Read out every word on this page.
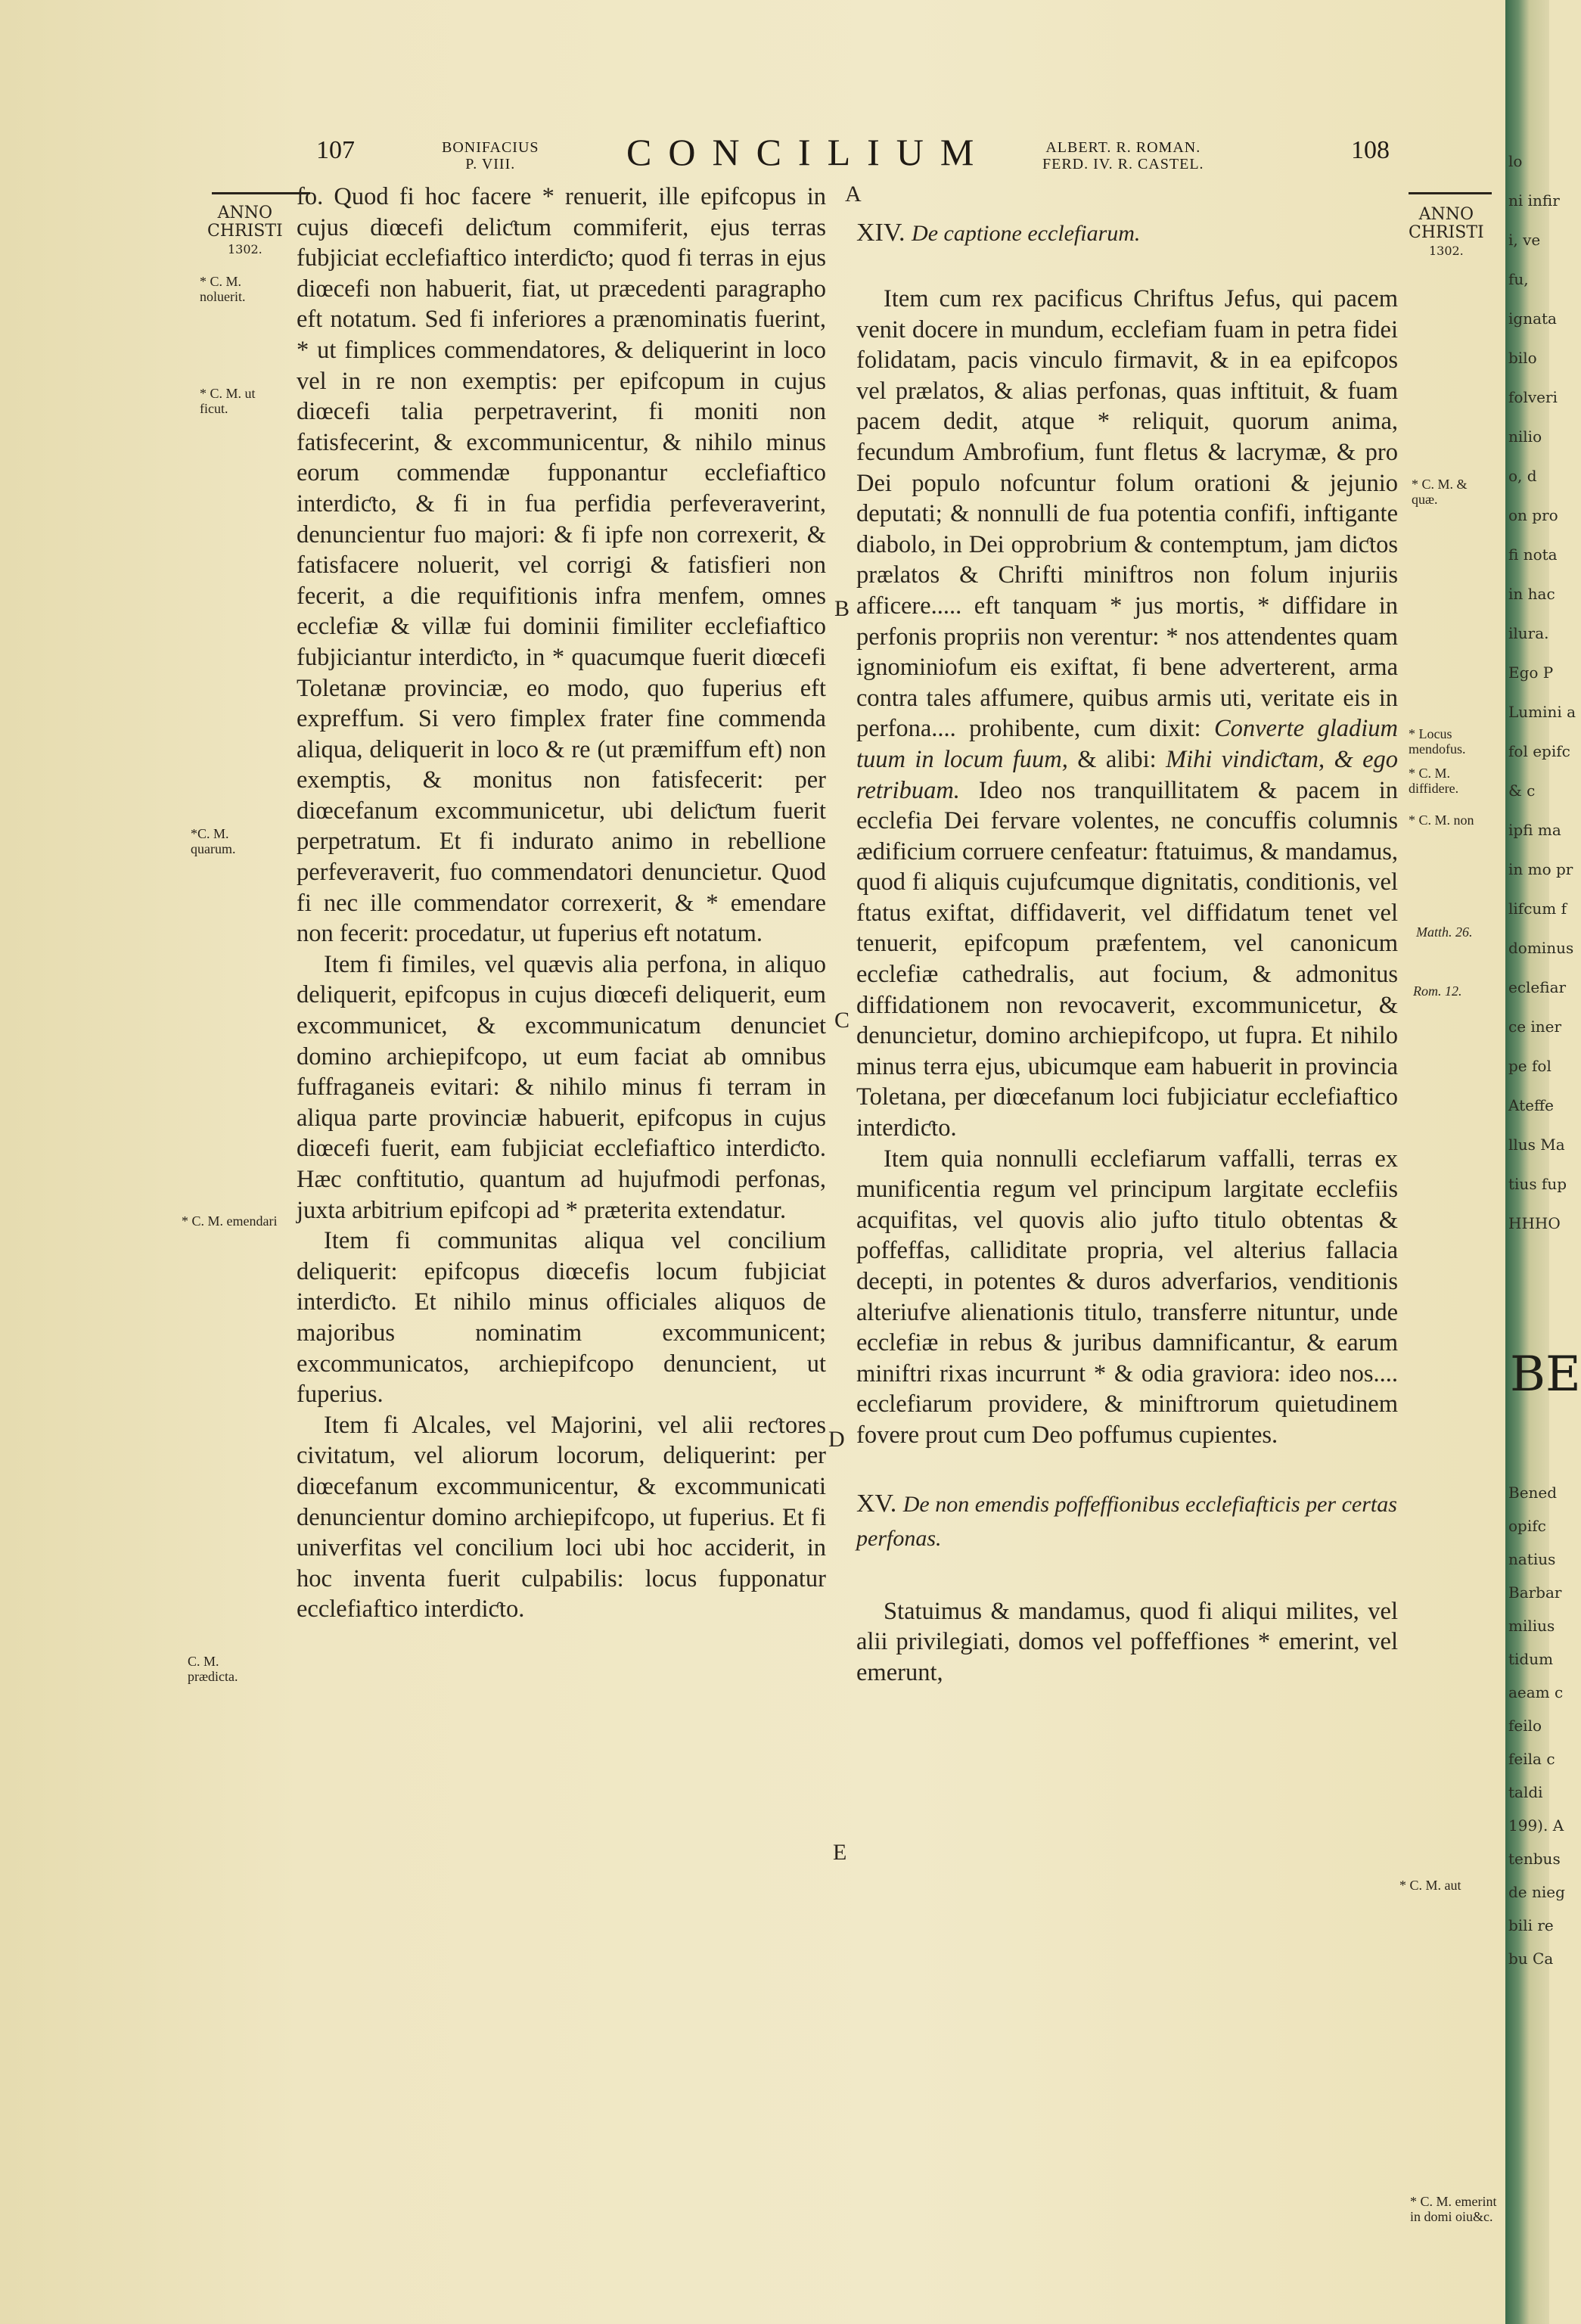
lo
ni infir
i, ve
fu,
ignata
bilo
folveri
nilio
o, d
on pro
fi nota
in hac
ilura.
Ego P
Lumini a
fol epifc
& c
ipfi ma
in mo pr
lifcum f
dominus
eclefiar
ce iner
pe fol
Ateffe
llus Ma
tius fup
HHHO
Bened
opifc
natius
Barbar
milius
tidum
aeam c
feilo
feila c
taldi
199). A
tenbus
de nieg
bili re
bu Ca
BE
107	BONIFACIUS
P. VIII.	CONCILIUM	ALBERT. R. ROMAN.
FERD. IV. R. CASTEL.	108
ANNO
CHRISTI
1302.
ANNO
CHRISTI
1302.
* C. M. noluerit.
* C. M. ut ficut.
*C. M. quarum.
* C. M. emendari
C. M. prædicta.
* C. M. & quæ.
* Locus mendofus.
* C. M. diffidere.
* C. M. non
Matth. 26.
Rom. 12.
* C. M. aut
* C. M. emerint in domi oiu&c.
A
B
C
D
E

fo. Quod fi hoc facere * renuerit, ille epifcopus in cujus diœcefi deliƈtum commiferit, ejus terras fubjiciat ecclefiaftico interdiƈto; quod fi terras in ejus diœcefi non habuerit, fiat, ut præcedenti paragrapho eft notatum. Sed fi inferiores a prænominatis fuerint, * ut fimplices commendatores, & deliquerint in loco vel in re non exemptis: per epifcopum in cujus diœcefi talia perpetraverint, fi moniti non fatisfecerint, & excommunicentur, & nihilo minus eorum commendæ fupponantur ecclefiaftico interdiƈto, & fi in fua perfidia perfeveraverint, denuncientur fuo majori: & fi ipfe non correxerit, & fatisfacere noluerit, vel corrigi & fatisfieri non fecerit, a die requifitionis infra menfem, omnes ecclefiæ & villæ fui dominii fimiliter ecclefiaftico fubjiciantur interdiƈto, in * quacumque fuerit diœcefi Toletanæ provinciæ, eo modo, quo fuperius eft expreffum. Si vero fimplex frater fine commenda aliqua, deliquerit in loco & re (ut præmiffum eft) non exemptis, & monitus non fatisfecerit: per diœcefanum excommunicetur, ubi deliƈtum fuerit perpetratum. Et fi indurato animo in rebellione perfeveraverit, fuo commendatori denuncietur. Quod fi nec ille commendator correxerit, & * emendare non fecerit: procedatur, ut fuperius eft notatum.

Item fi fimiles, vel quævis alia perfona, in aliquo deliquerit, epifcopus in cujus diœcefi deliquerit, eum excommunicet, & excommunicatum denunciet domino archiepifcopo, ut eum faciat ab omnibus fuffraganeis evitari: & nihilo minus fi terram in aliqua parte provinciæ habuerit, epifcopus in cujus diœcefi fuerit, eam fubjiciat ecclefiaftico interdiƈto. Hæc conftitutio, quantum ad hujufmodi perfonas, juxta arbitrium epifcopi ad * præterita extendatur.

Item fi communitas aliqua vel concilium deliquerit: epifcopus diœcefis locum fubjiciat interdiƈto. Et nihilo minus officiales aliquos de majoribus nominatim excommunicent; excommunicatos, archiepifcopo denuncient, ut fuperius.

Item fi Alcales, vel Majorini, vel alii reƈtores civitatum, vel aliorum locorum, deliquerint: per diœcefanum excommunicentur, & excommunicati denuncientur domino archiepifcopo, ut fuperius. Et fi univerfitas vel concilium loci ubi hoc acciderit, in hoc inventa fuerit culpabilis: locus fupponatur ecclefiaftico interdiƈto.

XIV. De captione ecclefiarum.

Item cum rex pacificus Chriftus Jefus, qui pacem venit docere in mundum, ecclefiam fuam in petra fidei folidatam, pacis vinculo firmavit, & in ea epifcopos vel prælatos, & alias perfonas, quas inftituit, & fuam pacem dedit, atque * reliquit, quorum anima, fecundum Ambrofium, funt fletus & lacrymæ, & pro Dei populo nofcuntur folum orationi & jejunio deputati; & nonnulli de fua potentia confifi, inftigante diabolo, in Dei opprobrium & contemptum, jam diƈtos prælatos & Chrifti miniftros non folum injuriis afficere..... eft tanquam * jus mortis, * diffidare in perfonis propriis non verentur: * nos attendentes quam ignominiofum eis exiftat, fi bene adverterent, arma contra tales affumere, quibus armis uti, veritate eis in perfona.... prohibente, cum dixit: Converte gladium tuum in locum fuum, & alibi: Mihi vindiƈtam, & ego retribuam. Ideo nos tranquillitatem & pacem in ecclefia Dei fervare volentes, ne concuffis columnis ædificium corruere cenfeatur: ftatuimus, & mandamus, quod fi aliquis cujufcumque dignitatis, conditionis, vel ftatus exiftat, diffidaverit, vel diffidatum tenet vel tenuerit, epifcopum præfentem, vel canonicum ecclefiæ cathedralis, aut focium, & admonitus diffidationem non revocaverit, excommunicetur, & denuncietur, domino archiepifcopo, ut fupra. Et nihilo minus terra ejus, ubicumque eam habuerit in provincia Toletana, per diœcefanum loci fubjiciatur ecclefiaftico interdiƈto.

Item quia nonnulli ecclefiarum vaffalli, terras ex munificentia regum vel principum largitate ecclefiis acquifitas, vel quovis alio jufto titulo obtentas & poffeffas, calliditate propria, vel alterius fallacia decepti, in potentes & duros adverfarios, venditionis alteriufve alienationis titulo, transferre nituntur, unde ecclefiæ in rebus & juribus damnificantur, & earum miniftri rixas incurrunt * & odia graviora: ideo nos.... ecclefiarum providere, & miniftrorum quietudinem fovere prout cum Deo poffumus cupientes.

XV. De non emendis poffeffionibus ecclefiafticis per certas perfonas.

Statuimus & mandamus, quod fi aliqui milites, vel alii privilegiati, domos vel poffeffiones * emerint, vel emerunt,
